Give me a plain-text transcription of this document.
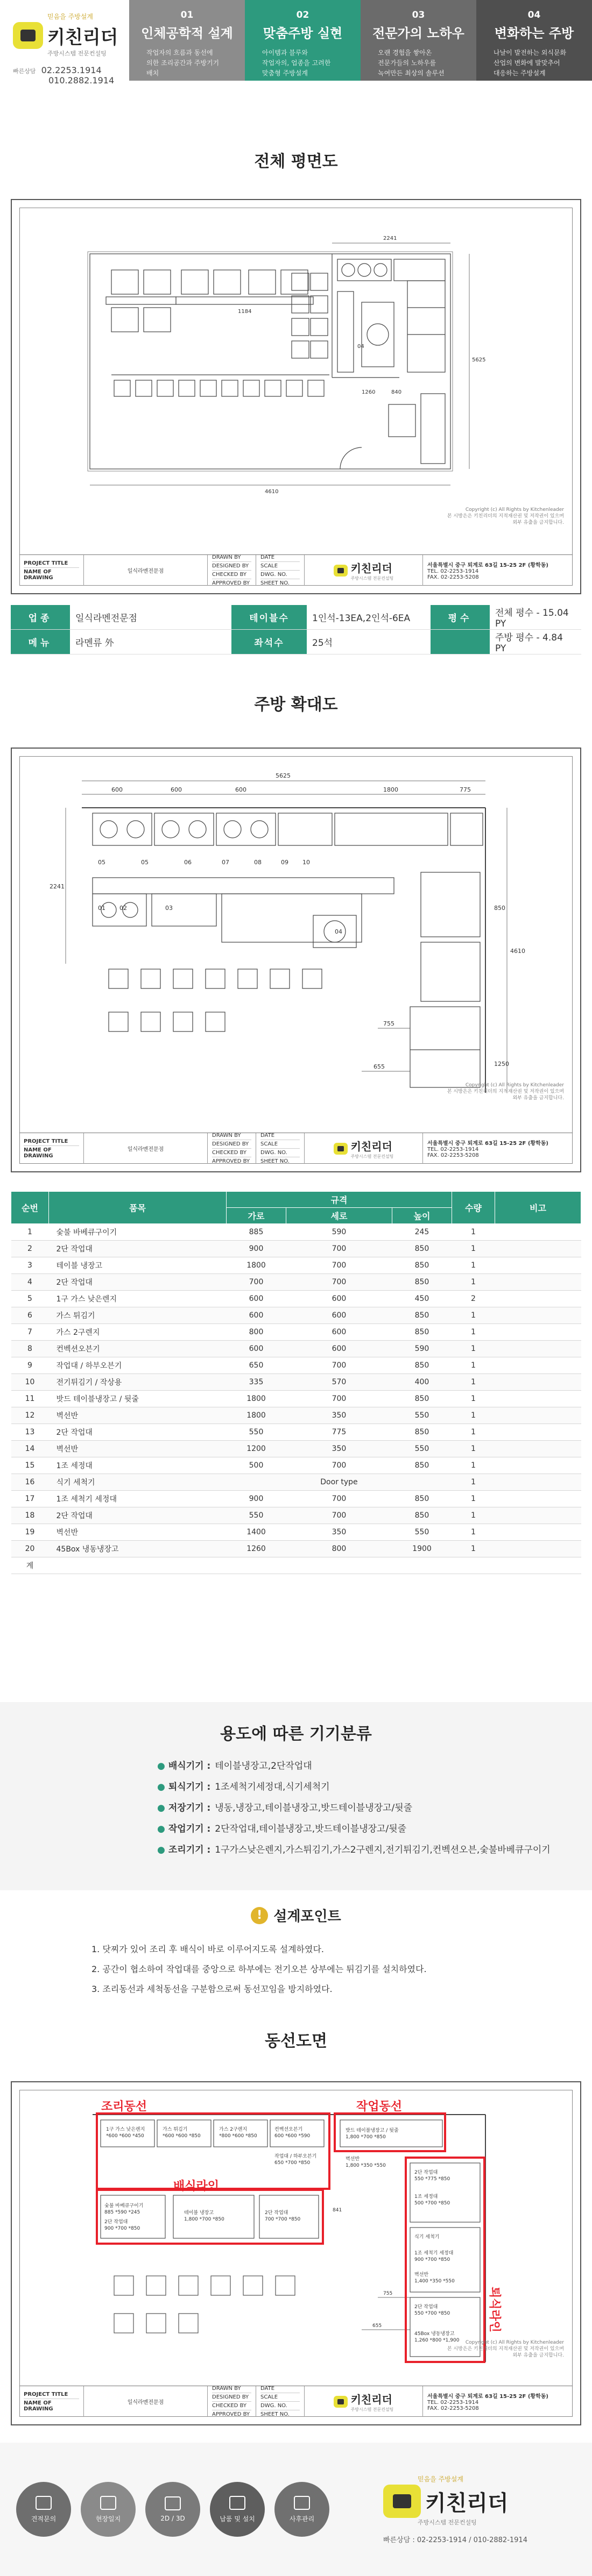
믿음을 주방설계
키친리더
주방시스템 전문컨설팅
빠른상담 02.2253.1914
010.2882.1914
01
인체공학적 설계
작업자의 흐름과 동선에
의한 조리공간과 주방기기
배치
02
맞춤주방 실현
아이템과 블루와
작업자의, 업종을 고려한
맞춤형 주방설계
03
전문가의 노하우
오랜 경험을 쌓아온
전문가들의 노하우를
녹여만든 최상의 솔루션
04
변화하는 주방
나날이 발전하는 외식문화
산업의 변화에 발맞추어
대응하는 주방설계
전체 평면도
2241
4610
5625
1184
1260	840
04
Copyright (c) All Rights by Kitchenleader
본 시방은은 키친리더의 지적재산권 및 저작권이 있으며
외부 유출을 금지합니다.
PROJECT TITLE
NAME OF DRAWING
일식라멘전문점
DRAWN BY
DESIGNED BY
CHECKED BY
APPROVED BY
DATE
SCALE
DWG. NO.
SHEET NO.
키친리더
주방시스템 전문컨설팅
서울특별시 중구 퇴계로 63길 15-25 2F (황학동)
TEL. 02-2253-1914
FAX. 02-2253-5208
업종	일식라멘전문점	테이블수	1인석-13EA,2인석-6EA	평수	전체 평수 - 15.04 PY
메뉴	라멘류 外	좌석수	25석		주방 평수 - 4.84 PY
주방 확대도
5625
600	600	600	1800	775
2241
4610
755
655	1250
850
05	05	06	07	08	09 10
01 02	03
04
Copyright (c) All Rights by Kitchenleader
본 시방은은 키친리더의 지적재산권 및 저작권이 있으며
외부 유출을 금지합니다.
PROJECT TITLE
NAME OF DRAWING
일식라멘전문점
DRAWN BY
DESIGNED BY
CHECKED BY
APPROVED BY
DATE
SCALE
DWG. NO.
SHEET NO.
키친리더
주방시스템 전문컨설팅
서울특별시 중구 퇴계로 63길 15-25 2F (황학동)
TEL. 02-2253-1914
FAX. 02-2253-5208
순번	품목	규격			수량	비고
		가로	세로	높이		
1	숯불 바베큐구이기	885	590	245	1	
2	2단 작업대	900	700	850	1	
3	테이블 냉장고	1800	700	850	1	
4	2단 작업대	700	700	850	1	
5	1구 가스 낮은렌지	600	600	450	2	
6	가스 튀김기	600	600	850	1	
7	가스 2구렌지	800	600	850	1	
8	컨벡션오븐기	600	600	590	1	
9	작업대 / 하부오븐기	650	700	850	1	
10	전기튀김기 / 작상용	335	570	400	1	
11	밧드 테이블냉장고 / 뒷줄	1800	700	850	1	
12	벽선반	1800	350	550	1	
13	2단 작업대	550	775	850	1	
14	벽선반	1200	350	550	1	
15	1조 세정대	500	700	850	1	
16	식기 세척기		Door type		1	
17	1조 세척기 세정대	900	700	850	1	
18	2단 작업대	550	700	850	1	
19	벽선반	1400	350	550	1	
20	45Box 냉동냉장고	1260	800	1900	1	
계						
용도에 따른 기기분류
● 배식기기 : 테이블냉장고,2단작업대
● 퇴식기기 : 1조세척기세정대,식기세척기
● 저장기기 : 냉동,냉장고,테이블냉장고,밧드테이블냉장고/뒷줄
● 작업기기 : 2단작업대,테이블냉장고,밧드테이블냉장고/뒷줄
● 조리기기 : 1구가스낮은렌지,가스튀김기,가스2구렌지,전기튀김기,컨벡션오븐,숯불바베큐구이기
! 설계포인트
1. 닷찌가 있어 조리 후 배식이 바로 이루어지도록 설계하였다.
2. 공간이 협소하여 작업대를 중앙으로 하부에는 전기오븐 상부에는 튀김기를 설치하였다.
3. 조리동선과 세척동선을 구분함으로써 동선꼬임을 방지하였다.
동선도면
조리동선	작업동선
배식라인
퇴식라인
1구 가스 낮은렌지
*600 *600 *450
가스 튀김기
*600 *600 *850
가스 2구렌지
*800 *600 *850
컨벡션오븐기
600 *600 *590
작업대 / 하부오븐기
650 *700 *850
밧드 테이블냉장고 / 뒷줄
1,800 *700 *850
벽선반
1,800 *350 *550
숯불 바베큐구이기
885 *590 *245
2단 작업대
900 *700 *850
테이블 냉장고
1,800 *700 *850
2단 작업대
700 *700 *850
2단 작업대
550 *775 *850
1조 세정대
500 *700 *850
식기 세척기
1조 세척기 세정대
900 *700 *850
벽선반
1,400 *350 *550
2단 작업대
550 *700 *850
45Box 냉동냉장고
1,260 *800 *1,900
755
655
841
Copyright (c) All Rights by Kitchenleader
본 시방은은 키친리더의 지적재산권 및 저작권이 있으며
외부 유출을 금지합니다.
PROJECT TITLE
NAME OF DRAWING
일식라멘전문점
DRAWN BY
DESIGNED BY
CHECKED BY
APPROVED BY
DATE
SCALE
DWG. NO.
SHEET NO.
키친리더
주방시스템 전문컨설팅
서울특별시 중구 퇴계로 63길 15-25 2F (황학동)
TEL. 02-2253-1914
FAX. 02-2253-5208
견적문의	현장일지	2D / 3D	납품 및 설치	사후관리
믿음을 주방설계
키친리더
주방시스템 전문컨설팅
빠른상담 : 02-2253-1914 / 010-2882-1914
